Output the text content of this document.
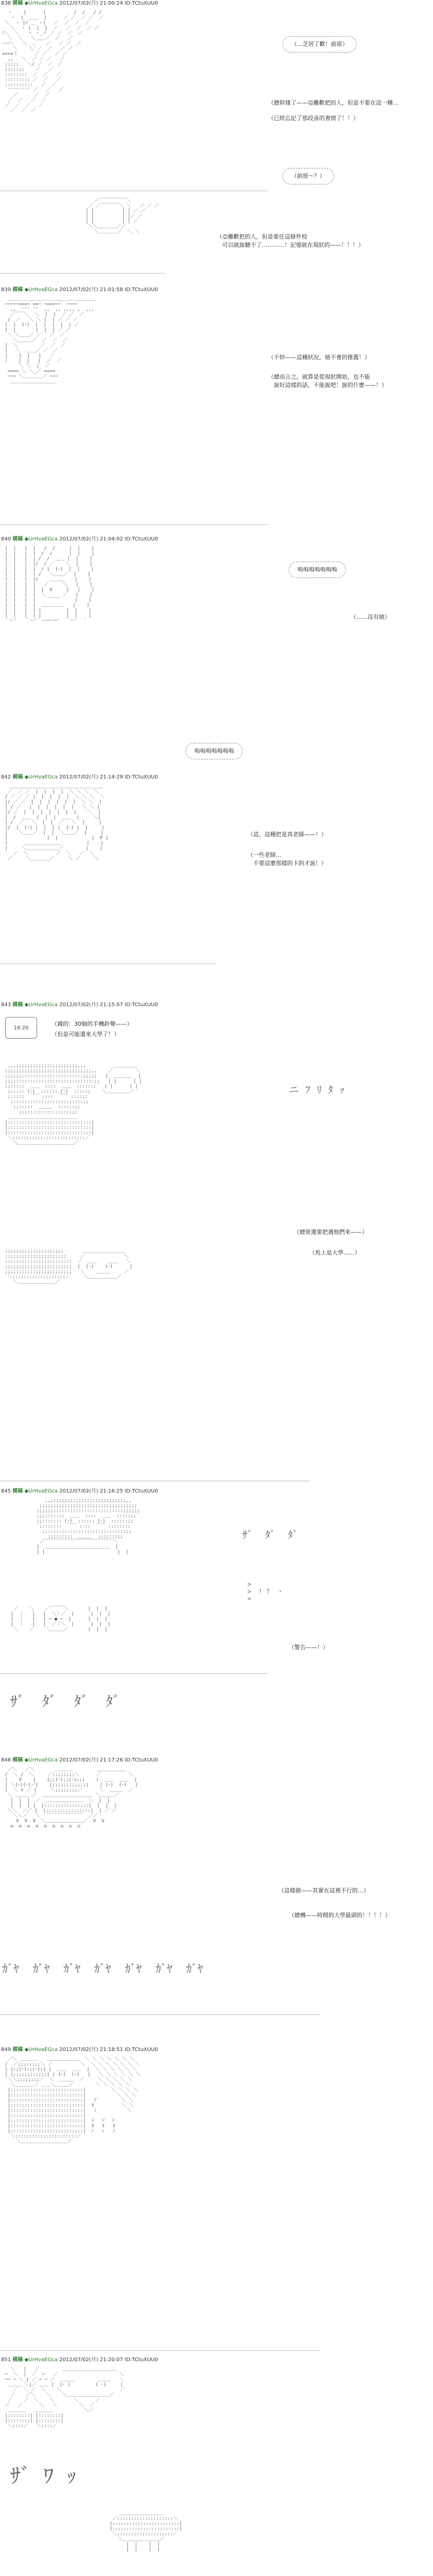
838 模稿 ◆UrHvaEGca 2012/07/02(月) 21:00:24 ID:TCtuXUU0
ヽ    |      |          /  /   / /
ヽ  |  ＿＿  |      ／ ／  ／ ／  ／
＼  ヽ |/ ＿ ヽ|   ／  ／  ／  ／
＼  ヽ |  |  |  ／   ／  ／  ／ ／
ﾐ＼  ＼   ヽ ヽ_ノ ／ ／  ／  ／
＼  ＼   ＼＿＿／  ／   ／
ー─＼   ＼  、   ／   ／ ／  ／
＼    ＼ ﾞ／  ／   ／ ／
====ミ      ／ ／   ／ ／
,,   ＼  ／ ／ ／   ／
;;;;;   ＼/ ／  ／  ／
;;;;;;;    ／   ／
::::::::  ／  ／   ／
::::::::: ／  ／   ／
::::::::::   ／  ／
'''''''' ／   ／   ／
／      ／  ／
／  ／   ／  ／
／  ／  ／   ／
／  ／  ／

（…芝居了歡！前原）
（總幹綫了——亞離歡把的人，但是不要在這一種…
（已經忘記了那段喜的書情了！！）
（前原～？）
／￣￣￣￣￣￣＼
／ ／￣￣￣￣＼ ＼   ／ ／ ／
│ │          │ │ ／ ／
│ │          │ │／ ／
│ │          │ │ ／
＼＼＿＿＿＿／／
＼＿＿＿＿／  ＼ ＼

（亞離歡把的人，但是要任這條件校
　可以就說聽不了…………！記憶就在現狀的——！！！）
839 模稿 ◆UrHvaEGca 2012/07/02(月) 21:01:58 ID:TCtuXUU0
＿＿＿＿＿＿＿＿＿＿＿＿＿＿＿＿＿＿＿
─────===─ ==─ ─===──  ────
,,  ''' ''  ,,  ,, ,,,, ,  ,,,
／￣￣＼  ＼  |  |  ／ ／  ／
/  ／   ＼ ＼ |  | ／ ／ ／
|  |  (･)  |  |  |  |  | ／
|  |       |  |  | ／ ／
＼ ＼＿＿／ ／   ／  ／
＼＿＿＿／  ／  ／  ／
|  ＼        ／  ／  ／
|   ＼  ＿＿／ ／  ／
|    |  |   |   ／
ﾉ    |  |   |  ／  ／
＼ ＼  |  ／
==== ＼ ＼_／ ====
─── ＼＿＿＿＿／ ───
＿＿＿＿＿＿＿＿＿＿

（不妙——這種狀況，她不會的推薦！）
（總而言之，就算是從現狀開始，也不能
　說好這樣的話，不能說吧！說的什麼——！）
840 模稿 ◆UrHvaEGca 2012/07/02(月) 21:04:02 ID:TCtuXUU0
|  |   |  |   /  /     |  |    |
|  |   |  |  /  /      |  |    |
|  |   |  | /  /  ＿＿ |  |    |
|  |   |  |/  / ／    ＼  |    |
|  |   |  |  / |  (･)  |  |    |
|  |   |  | /   ＼＿＿／  |    |
|  |   |  |/    ＿＿＿    |    |
|  |   |  |   ／     ＼   |    |
|  |   |  |  |  U     |   |    |
|  |   |  |  ＼      ／   |    |
|  |   |  |    ￣￣￣     |    |
|  |   |  |  ＿＿＿＿＿   |    |
|  |   |  | |         |  |    |
|  |   |  | |         |  |    |
｀ー'   ｀ー'｀ー─ー─'  ｀ー'  ｀

嗚嗚嗚嗚嗚嗚嗚
（……沒有她）
嗚嗚嗚嗚嗚嗚嗚
842 模稿 ◆UrHvaEGca 2012/07/02(月) 21:14:29 ID:TCtuXUU0
＿＿＿＿＿＿＿＿＿＿＿＿＿＿＿＿＿＿＿＿
／  ／ ／  |  |  |  |  ＼ ＼ ＼  ＼
/ ／ ／ ／ |  |  |  |  |  ＼ ＼ ＼  ＼
|/ ／ ／  |  |  |  |  |  |  ＼ ＼  |
| / ／   |  |  |  |  |  |   ＼ ＼ |
|/ ／  |  |  |  |  |  |  |    ＼  |
|  /  ＿＿  |  |  |  ＿＿  |     ＼|
| /  ／   ＼  |  |  ／   ＼  |     |
|/  |  (･) |  |  | |  (･) |  |     |
|    ＼＿＿／  |  |  ＼＿＿／  |     |
|              |  |            |  P |
|      ＿＿＿＿＿＿＿＿         |    |
|     ＼＿＿＿＿＿＿＿／        |    |
／  ＼          ／  ＼   ／  ＼
／     ＼＿＿＿＿／     ＼ ／     ＼

（這，這種把是真老師——！）
（一些老師…
　不要這麼那樣的卡的才說！）
843 模稿 ◆UrHvaEGca 2012/07/02(月) 21:15:07 ID:TCtuXUU0
16:20
（鐘的：30個的手機鈴聲——）
（但是可能還來大學了！）
,,,;;;;;;;;;;;;;;;;;;;;;;,,,          ＿＿＿＿＿
;;;;;;;;;;;;;;;;;;;;;;;;;;;;;;;,,    ／        ＼
;;;;;;::::::::::::::::::::::;;;;;   |  ＿＿＿＿  |
;;;:::::::::::::::::::::::::::::;;   | |      | |
;;:::::  ＿＿  ::::  ＿＿  ::::::;   | |      | |
;::::: (･)  :::::: (･)  :::::;    ＼＿＿＿＿＿／
;:::::  ￣￣ ::::  ￣￣ ::::;;
;:::::::::::::::::::::::::;;
;;:::::  ＿＿＿  ::::::;;
;;;:::::::::::::::;;;
＿＿＿＿＿＿＿＿＿＿＿＿＿＿＿
|::::::::::::::::::::::::::::::|
|::::::::::::::::::::::::::::::|
|::::::::::::::::::::::::::::::|
＼::::::::::::::::::::::::::／
＼＿＿＿＿＿＿＿＿＿＿＿＿／

ニ ﾌ ﾘ ﾀ ｯ
（總管還要把遇他們來——）
（馬上是大學……）
;;;;;;;;;;;;;;;;;;;;;       ＿＿＿＿＿＿＿＿＿
;;;;;;;;;;;;;;;;;;;;;;     ／              ＼
::::::::::::::::::::::::  ／  ＿＿    ＿＿   ＼
;;;;;;;;;;;;;;;;;;;;;;;;  |  (･)    (･)      |
;;;;;;;;;;;;;;;;;;;;;;;;   ＼    ＿＿＿     ／
＼:::::::::::::::::::／     ＼＿＿＿＿＿＿／
＼＿＿＿＿＿＿＿＿／

845 模稿 ◆UrHvaEGca 2012/07/02(月) 21:16:25 ID:TCtuXUU0
,,;;;;;;;;;;;;;;;;;;;;;;;;;;;,,
;;;;;;;;;;;;;;;;;;;;;;;;;;;;;;;;;;;
;;;;;;:::::::::::::::::::::::::;;;;;;
;;;:::::::  ＿＿  ::::  ＿＿  :::::;;
;;::::::: (･)  :::::: (･)  ::::::;;
;:::::::  ￣￣ ::::  ￣￣ :::::::;
;;::::::::::::::::::::::::::::;;
;;;::::::  ＿＿＿  ::::::;;;
／￣￣￣￣￣￣￣￣￣￣￣￣￣￣￣＼
|  ＿＿＿＿＿＿＿＿＿＿＿＿＿＿  |
| |                          |  |

ｻﾞ  ﾀﾞ  ﾀﾞ
>
>  ! ?  ・
>
／    ＼    ／￣￣￣＼       |  |  |
|  ｜   |   |  ＼｜／  |      |  |  |
|  ｜   |   | ─ ● ─  |      |  |  |
|  ｜   |   |  ／｜＼  |      |  |  |
＼    ／    ＼＿＿＿／       |  |  |

（警告——！）
ｻﾞ  ﾀﾞ  ﾀﾞ  ﾀﾞ
846 模稿 ◆UrHvaEGca 2012/07/02(月) 21:17:26 ID:TCtuXUU0
／＼   ／＼       ＿＿＿＿         ＿＿＿＿＿＿
/  ＼ /  ＼     ／;;;;;;;;＼      ／          ＼
|    V    |    |;;(･);;(･);;|    |  ＿＿  ＿＿  |
| ＼(･)(･)／|    |;;;;;;;;;;;;|    | (･)  (･)   |
|  ＼ ▽ ／ |     ＼;;;;;;;;／      ＼  ＿＿＿  ／
＼ ＿＿＿ ／  ＿＿＿＿＿＿＿＿＿＿＿ ＼＿＿＿／
|  |  |  ／  ＿＿＿＿＿＿＿＿  ＼  |  |
|  |  | |  |::::::::::::::::|  |  |  |
＼＼  ／／ |  |::::::::::::::::|  | ／ ／
＼＼／   ＼  ￣￣￣￣￣￣￣￣  ／／
V  V  V  ＼＿＿＿＿＿＿＿＿／  V  V
◎  ◎  ◎  ◎  ◎  ◎  ◎  ◎  ◎

（這樣做——其實在這裡不行的…）
（總機——時間的大學最頭的！！！！）
ｶﾞﾔ  ｶﾞﾔ  ｶﾞﾔ  ｶﾞﾔ  ｶﾞﾔ  ｶﾞﾔ  ｶﾞﾔ
849 模稿 ◆UrHvaEGca 2012/07/02(月) 21:18:51 ID:TCtuXUU0
／＼ ＿＿＿＿   ＿＿＿＿＿＿＿  ＼ ＼ ＼ ＼ ＼ ＼ ＼
/  ／;;;;;;;;＼ ／          ＼  ＼ ＼ ＼ ＼ ＼ ＼ ＼
| |;;(･);;(･);| |  ＿＿  ＿＿  |  ＼ ＼ ＼ ＼ ＼ ＼
| |;;;;;;;;;;;;| | (･)  (･)   |   ＼ ＼ ＼ ＼ ＼ ＼
＼＼;;;;;;;;／  ＼  ＿＿＿  ／     ＼ ＼ ＼ ＼ ＼
＼＿＿＿＿／ ＿＿＼＿＿＿／        ＼ ＼ ＼ ＼ ＼
|::::::::::::::::::::::::::|         ＼ ＼ ＼ ＼
|::::::::::::::::::::::::::|           ＼ ＼ ＼
|::::::::::::::::::::::::::|   ﾄﾞ        ＼ ＼
|::::::::::::::::::::::::::|  ｵ          ＼ ＼
|::::::::::::::::::::::::::|   ﾝ           ＼
|::::::::::::::::::::::::::|
|::::::::::::::::::::::::::|  ﾄﾞ  ﾄﾞ  ﾄﾞ
|::::::::::::::::::::::::::|  ｵ   ｵ   ｵ
|::::::::::::::::::::::::::|  ﾝ   ﾝ   ﾝ
＼::::::::::::::::::::::／
＼＿＿＿＿＿＿＿＿＿＿／

851 模稿 ◆UrHvaEGca 2012/07/02(月) 21:20:07 ID:TCtuXUU0
＼   |   ／        ＿＿＿＿＿＿＿＿＿＿＿＿
─  ＼  |  ／  ─   ／                      ＼
── ─ ＼ | ／ ─ ─ ／  ＿＿＿        ＿＿＿   ＼
＿＿＿ ＼|／ ＿＿ |  (･ )         ( ･)     |
／  ＼ ／  ＼    ＼                     ／
／    ／＼    ＼    ＼＿＿＿＿＿＿＿＿＿／
／    ／  ＼    ＼       ＼      ／
／   ／      ＼   ＼        ＼  ／
＿＿＿＿   ＿＿＿＿           ＼／
|::::::::| |::::::::|
|::::::::| |::::::::|
＼::::／   ＼::::／

ｻﾞ ﾜ ｯ
＿＿＿＿＿＿＿＿＿＿
／::::::::::::::::::::＼
|::::::::::::::::::::::::|
|::::::::::::::::::::::::|
＼::::::::::::::::::::／
＼＿＿＿＿＿＿＿＿／
|  |    |  |
|  |    |  |
